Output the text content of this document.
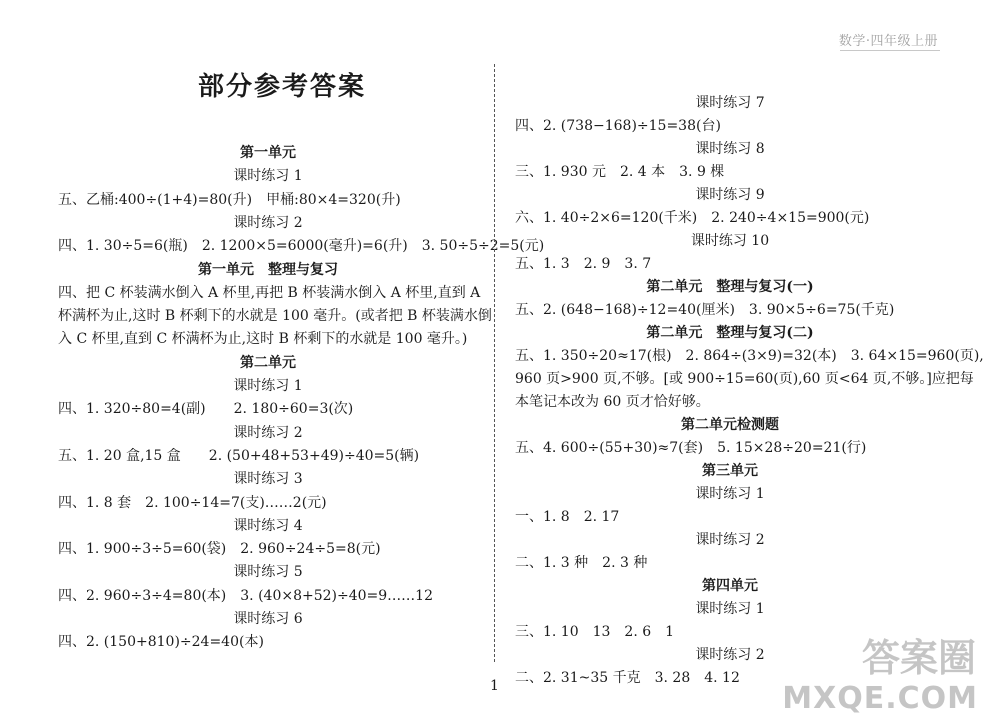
数学·四年级上册
部分参考答案
第一单元
课时练习 1
五、乙桶:400÷(1+4)=80(升)　甲桶:80×4=320(升)
课时练习 2
四、1. 30÷5=6(瓶)　2. 1200×5=6000(毫升)=6(升)　3. 50÷5÷2=5(元)
第一单元　整理与复习
四、把 C 杯装满水倒入 A 杯里,再把 B 杯装满水倒入 A 杯里,直到 A
杯满杯为止,这时 B 杯剩下的水就是 100 毫升。(或者把 B 杯装满水倒
入 C 杯里,直到 C 杯满杯为止,这时 B 杯剩下的水就是 100 毫升。)
第二单元
课时练习 1
四、1. 320÷80=4(副)　　2. 180÷60=3(次)
课时练习 2
五、1. 20 盒,15 盒　　2. (50+48+53+49)÷40=5(辆)
课时练习 3
四、1. 8 套　2. 100÷14=7(支)……2(元)
课时练习 4
四、1. 900÷3÷5=60(袋)　2. 960÷24÷5=8(元)
课时练习 5
四、2. 960÷3÷4=80(本)　3. (40×8+52)÷40=9……12
课时练习 6
四、2. (150+810)÷24=40(本)
课时练习 7
四、2. (738−168)÷15=38(台)
课时练习 8
三、1. 930 元　2. 4 本　3. 9 棵
课时练习 9
六、1. 40÷2×6=120(千米)　2. 240÷4×15=900(元)
课时练习 10
五、1. 3　2. 9　3. 7
第二单元　整理与复习(一)
五、2. (648−168)÷12=40(厘米)　3. 90×5÷6=75(千克)
第二单元　整理与复习(二)
五、1. 350÷20≈17(根)　2. 864÷(3×9)=32(本)　3. 64×15=960(页),
960 页>900 页,不够。[或 900÷15=60(页),60 页<64 页,不够。]应把每
本笔记本改为 60 页才恰好够。
第二单元检测题
五、4. 600÷(55+30)≈7(套)　5. 15×28÷20=21(行)
第三单元
课时练习 1
一、1. 8　2. 17
课时练习 2
二、1. 3 种　2. 3 种
第四单元
课时练习 1
三、1. 10　13　2. 6　1
课时练习 2
二、2. 31~35 千克　3. 28　4. 12
1
答案圈
MXQE.COM
